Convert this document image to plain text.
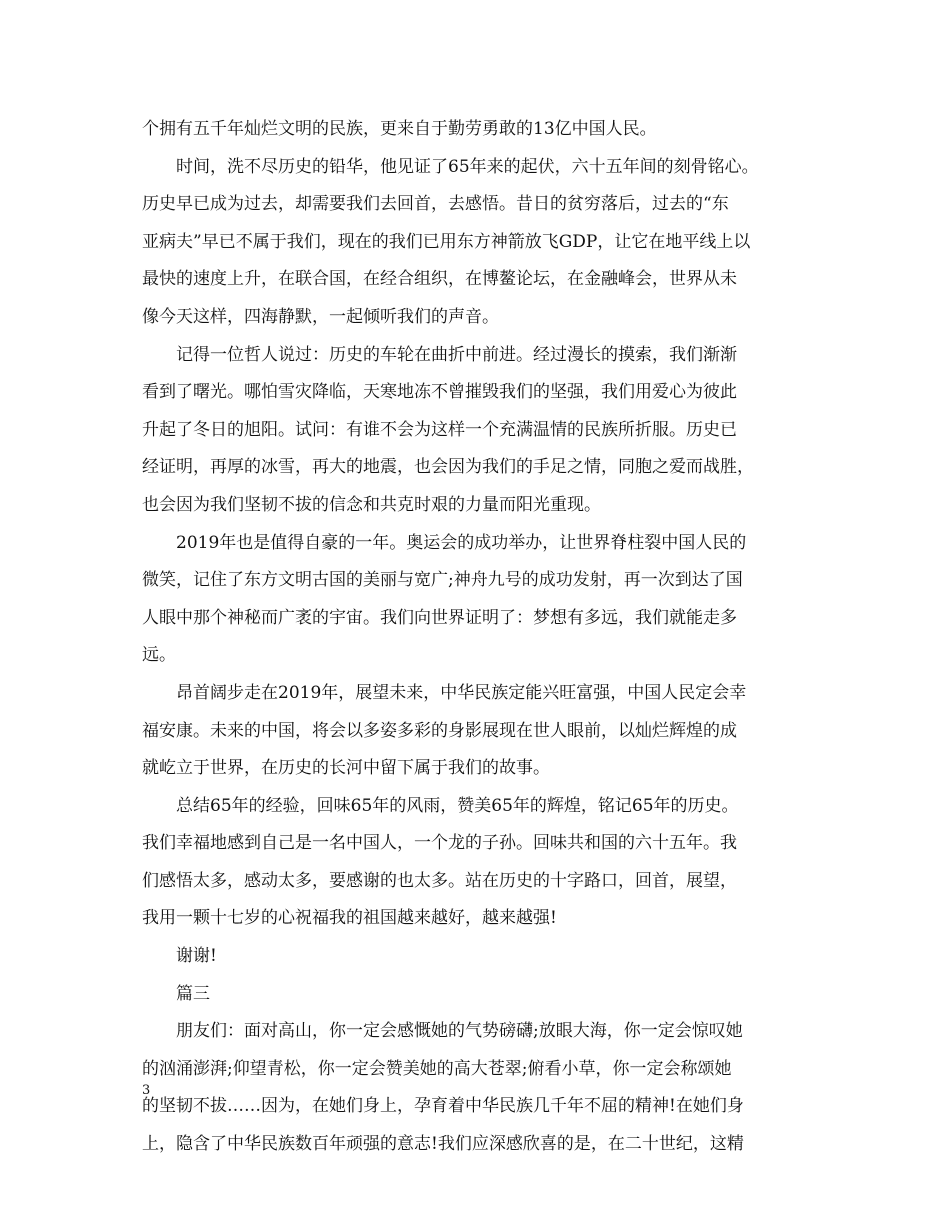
个拥有五千年灿烂文明的民族，更来自于勤劳勇敢的13亿中国人民。
时间，洗不尽历史的铅华，他见证了65年来的起伏，六十五年间的刻骨铭心。
历史早已成为过去，却需要我们去回首，去感悟。昔日的贫穷落后，过去的“东
亚病夫”早已不属于我们，现在的我们已用东方神箭放飞GDP，让它在地平线上以
最快的速度上升，在联合国，在经合组织，在博鳌论坛，在金融峰会，世界从未
像今天这样，四海静默，一起倾听我们的声音。
记得一位哲人说过：历史的车轮在曲折中前进。经过漫长的摸索，我们渐渐
看到了曙光。哪怕雪灾降临，天寒地冻不曾摧毁我们的坚强，我们用爱心为彼此
升起了冬日的旭阳。试问：有谁不会为这样一个充满温情的民族所折服。历史已
经证明，再厚的冰雪，再大的地震，也会因为我们的手足之情，同胞之爱而战胜，
也会因为我们坚韧不拔的信念和共克时艰的力量而阳光重现。
2019年也是值得自豪的一年。奥运会的成功举办，让世界脊柱裂中国人民的
微笑，记住了东方文明古国的美丽与宽广;神舟九号的成功发射，再一次到达了国
人眼中那个神秘而广袤的宇宙。我们向世界证明了：梦想有多远，我们就能走多
远。
昂首阔步走在2019年，展望未来，中华民族定能兴旺富强，中国人民定会幸
福安康。未来的中国，将会以多姿多彩的身影展现在世人眼前，以灿烂辉煌的成
就屹立于世界，在历史的长河中留下属于我们的故事。
总结65年的经验，回味65年的风雨，赞美65年的辉煌，铭记65年的历史。
我们幸福地感到自己是一名中国人，一个龙的子孙。回味共和国的六十五年。我
们感悟太多，感动太多，要感谢的也太多。站在历史的十字路口，回首，展望，
我用一颗十七岁的心祝福我的祖国越来越好，越来越强!
谢谢!
篇三
朋友们：面对高山，你一定会感慨她的气势磅礴;放眼大海，你一定会惊叹她
的汹涌澎湃;仰望青松，你一定会赞美她的高大苍翠;俯看小草，你一定会称颂她
的坚韧不拔……因为，在她们身上，孕育着中华民族几千年不屈的精神!在她们身
上，隐含了中华民族数百年顽强的意志!我们应深感欣喜的是，在二十世纪，这精
3
